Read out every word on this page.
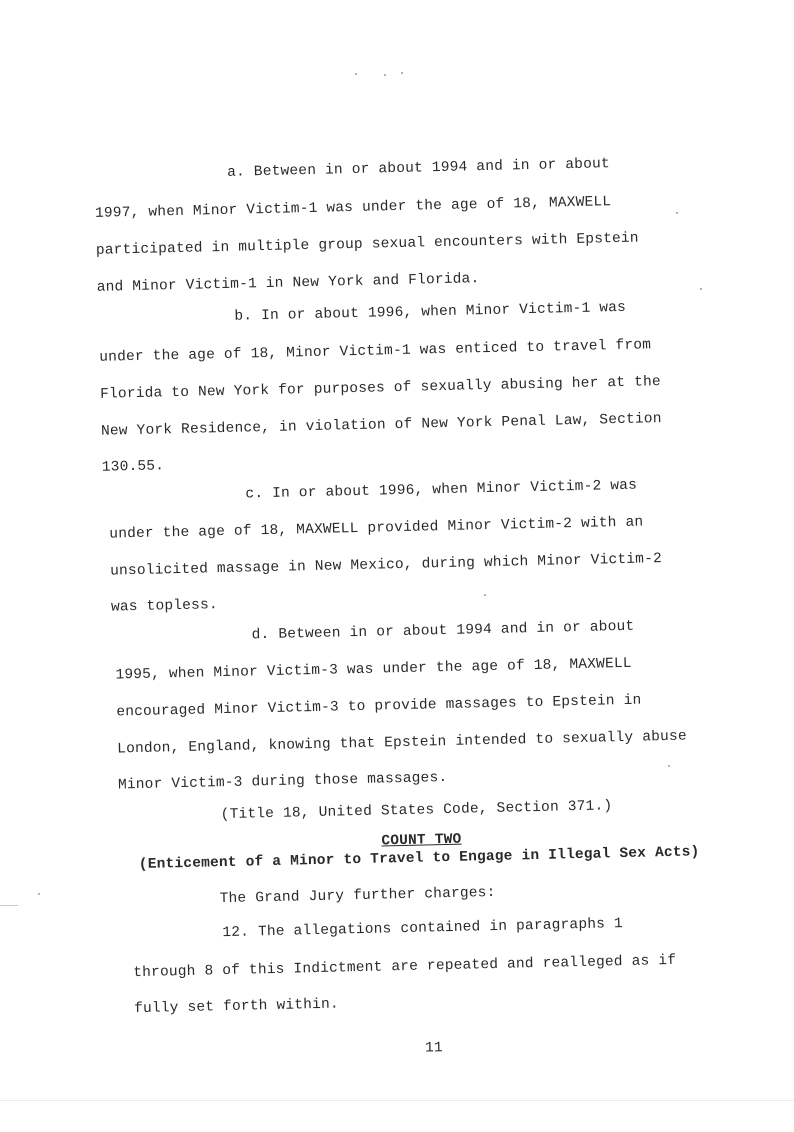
a. Between in or about 1994 and in or about
1997, when Minor Victim-1 was under the age of 18, MAXWELL
participated in multiple group sexual encounters with Epstein
and Minor Victim-1 in New York and Florida.
b. In or about 1996, when Minor Victim-1 was
under the age of 18, Minor Victim-1 was enticed to travel from
Florida to New York for purposes of sexually abusing her at the
New York Residence, in violation of New York Penal Law, Section
130.55.
c. In or about 1996, when Minor Victim-2 was
under the age of 18, MAXWELL provided Minor Victim-2 with an
unsolicited massage in New Mexico, during which Minor Victim-2
was topless.
d. Between in or about 1994 and in or about
1995, when Minor Victim-3 was under the age of 18, MAXWELL
encouraged Minor Victim-3 to provide massages to Epstein in
London, England, knowing that Epstein intended to sexually abuse
Minor Victim-3 during those massages.
(Title 18, United States Code, Section 371.)
COUNT TWO
(Enticement of a Minor to Travel to Engage in Illegal Sex Acts)
The Grand Jury further charges:
12. The allegations contained in paragraphs 1
through 8 of this Indictment are repeated and realleged as if
fully set forth within.
11
